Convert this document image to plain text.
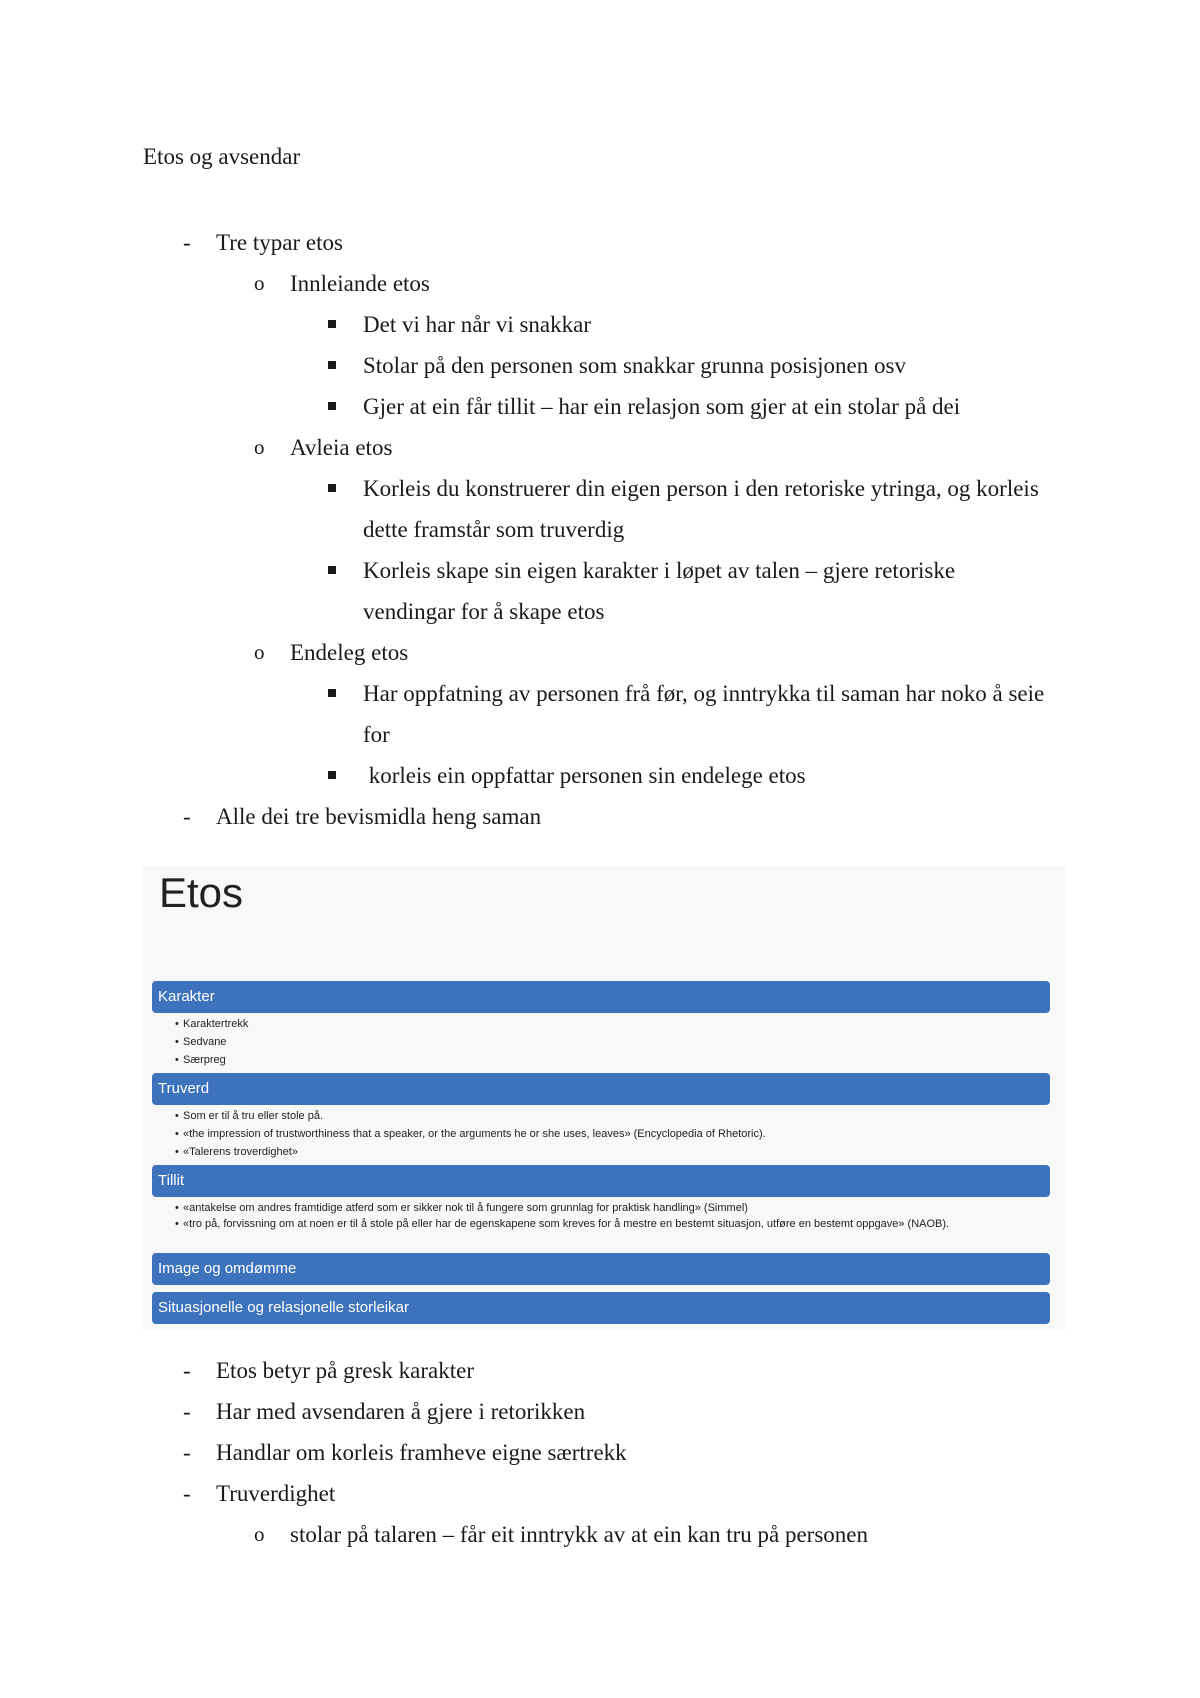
Etos og avsendar
- Tre typar etos
o Innleiande etos
Det vi har når vi snakkar
Stolar på den personen som snakkar grunna posisjonen osv
Gjer at ein får tillit – har ein relasjon som gjer at ein stolar på dei
o Avleia etos
Korleis du konstruerer din eigen person i den retoriske ytringa, og korleis dette framstår som truverdig
Korleis skape sin eigen karakter i løpet av talen – gjere retoriske vendingar for å skape etos
o Endeleg etos
Har oppfatning av personen frå før, og inntrykka til saman har noko å seie for
korleis ein oppfattar personen sin endelege etos
- Alle dei tre bevismidla heng saman
Etos
Karakter
• Karaktertrekk
• Sedvane
• Særpreg
Truverd
• Som er til å tru eller stole på.
• «the impression of trustworthiness that a speaker, or the arguments he or she uses, leaves» (Encyclopedia of Rhetoric).
• «Talerens troverdighet»
Tillit
• «antakelse om andres framtidige atferd som er sikker nok til å fungere som grunnlag for praktisk handling» (Simmel)
• «tro på, forvissning om at noen er til å stole på eller har de egenskapene som kreves for å mestre en bestemt situasjon, utføre en bestemt oppgave» (NAOB).
Image og omdømme
Situasjonelle og relasjonelle storleikar
- Etos betyr på gresk karakter
- Har med avsendaren å gjere i retorikken
- Handlar om korleis framheve eigne særtrekk
- Truverdighet
o stolar på talaren – får eit inntrykk av at ein kan tru på personen
